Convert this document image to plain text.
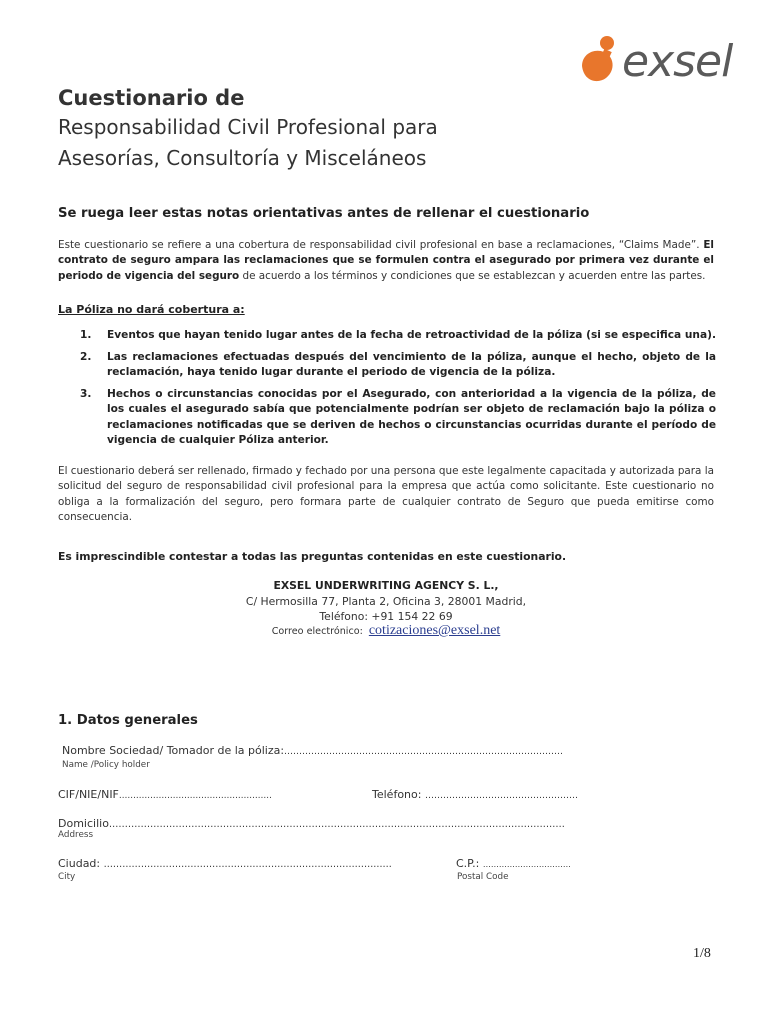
exsel
Cuestionario de
Responsabilidad Civil Profesional para
Asesorías, Consultoría y Misceláneos
Se ruega leer estas notas orientativas antes de rellenar el cuestionario
Este cuestionario se refiere a una cobertura de responsabilidad civil profesional en base a reclamaciones, “Claims Made”. El contrato de seguro ampara las reclamaciones que se formulen contra el asegurado por primera vez durante el periodo de vigencia del seguro de acuerdo a los términos y condiciones que se establezcan y acuerden entre las partes.
La Póliza no dará cobertura a:
1. Eventos que hayan tenido lugar antes de la fecha de retroactividad de la póliza (si se especifica una).
2. Las reclamaciones efectuadas después del vencimiento de la póliza, aunque el hecho, objeto de la reclamación, haya tenido lugar durante el periodo de vigencia de la póliza.
3. Hechos o circunstancias conocidas por el Asegurado, con anterioridad a la vigencia de la póliza, de los cuales el asegurado sabía que potencialmente podrían ser objeto de reclamación bajo la póliza o reclamaciones notificadas que se deriven de hechos o circunstancias ocurridas durante el período de vigencia de cualquier Póliza anterior.
El cuestionario deberá ser rellenado, firmado y fechado por una persona que este legalmente capacitada y autorizada para la solicitud del seguro de responsabilidad civil profesional para la empresa que actúa como solicitante. Este cuestionario no obliga a la formalización del seguro, pero formara parte de cualquier contrato de Seguro que pueda emitirse como consecuencia.
Es imprescindible contestar a todas las preguntas contenidas en este cuestionario.
EXSEL UNDERWRITING AGENCY S. L.,
C/ Hermosilla 77, Planta 2, Oficina 3, 28001 Madrid,
Teléfono: +91 154 22 69
Correo electrónico: cotizaciones@exsel.net
1. Datos generales
Nombre Sociedad/ Tomador de la póliza:…………………………………………………………………………………
Name /Policy holder
CIF/NIE/NIF………………………………………………	Teléfono: ……………………………………………
Domicilio………………………………………………………………………………………………………………………………
Address
Ciudad: …………………………………………………………………………………	C.P.: ……………………………
City	Postal Code
1/8
